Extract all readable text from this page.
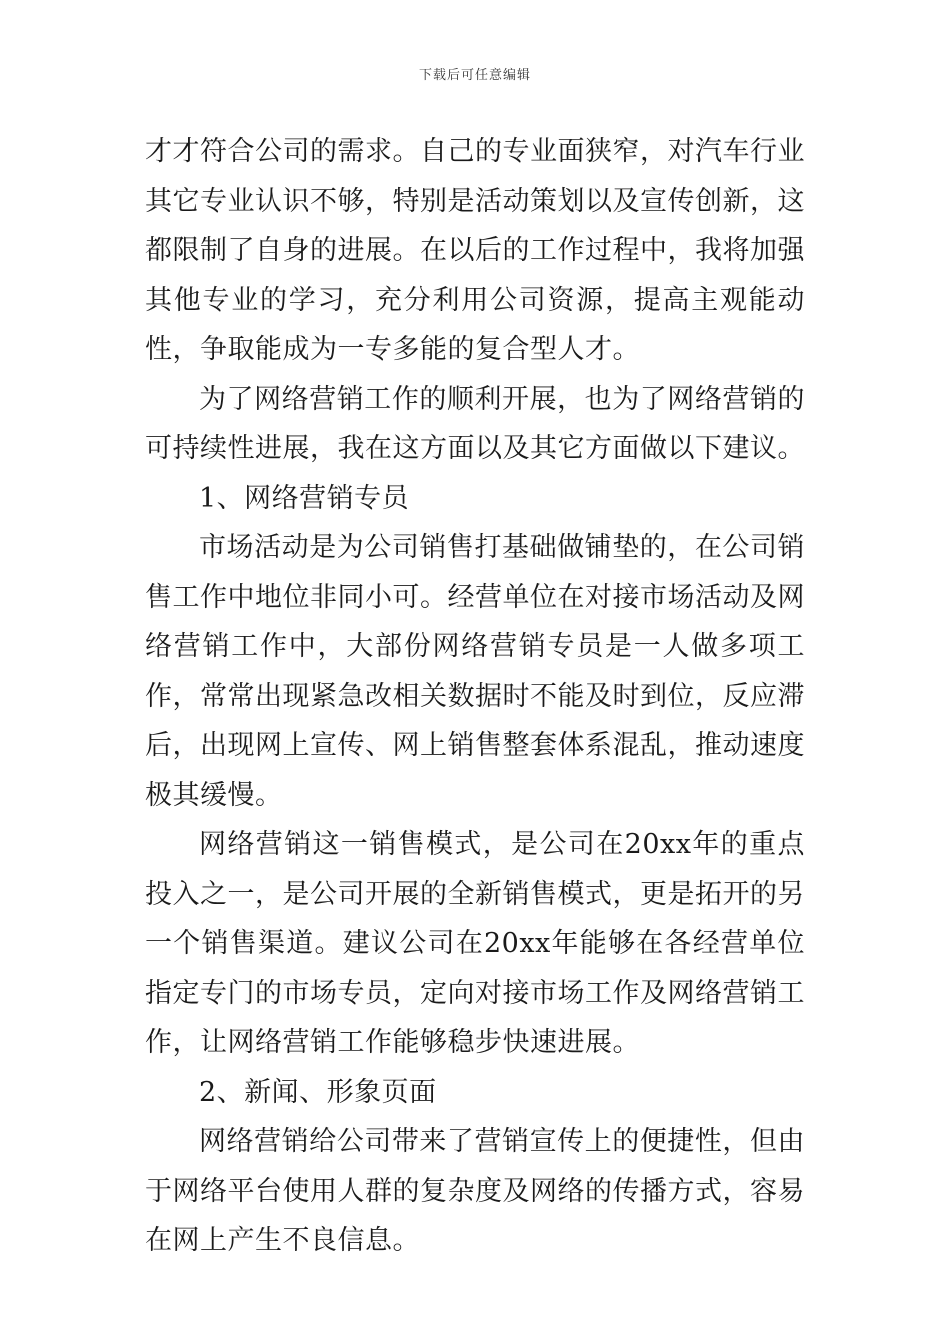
下载后可任意编辑

才才符合公司的需求。自己的专业面狭窄，对汽车行业其它专业认识不够，特别是活动策划以及宣传创新，这都限制了自身的进展。在以后的工作过程中，我将加强其他专业的学习，充分利用公司资源，提高主观能动性，争取能成为一专多能的复合型人才。

为了网络营销工作的顺利开展，也为了网络营销的可持续性进展，我在这方面以及其它方面做以下建议。

1、网络营销专员

市场活动是为公司销售打基础做铺垫的，在公司销售工作中地位非同小可。经营单位在对接市场活动及网络营销工作中，大部份网络营销专员是一人做多项工作，常常出现紧急改相关数据时不能及时到位，反应滞后，出现网上宣传、网上销售整套体系混乱，推动速度极其缓慢。

网络营销这一销售模式，是公司在20xx年的重点投入之一，是公司开展的全新销售模式，更是拓开的另一个销售渠道。建议公司在20xx年能够在各经营单位指定专门的市场专员，定向对接市场工作及网络营销工作，让网络营销工作能够稳步快速进展。

2、新闻、形象页面

网络营销给公司带来了营销宣传上的便捷性，但由于网络平台使用人群的复杂度及网络的传播方式，容易在网上产生不良信息。
